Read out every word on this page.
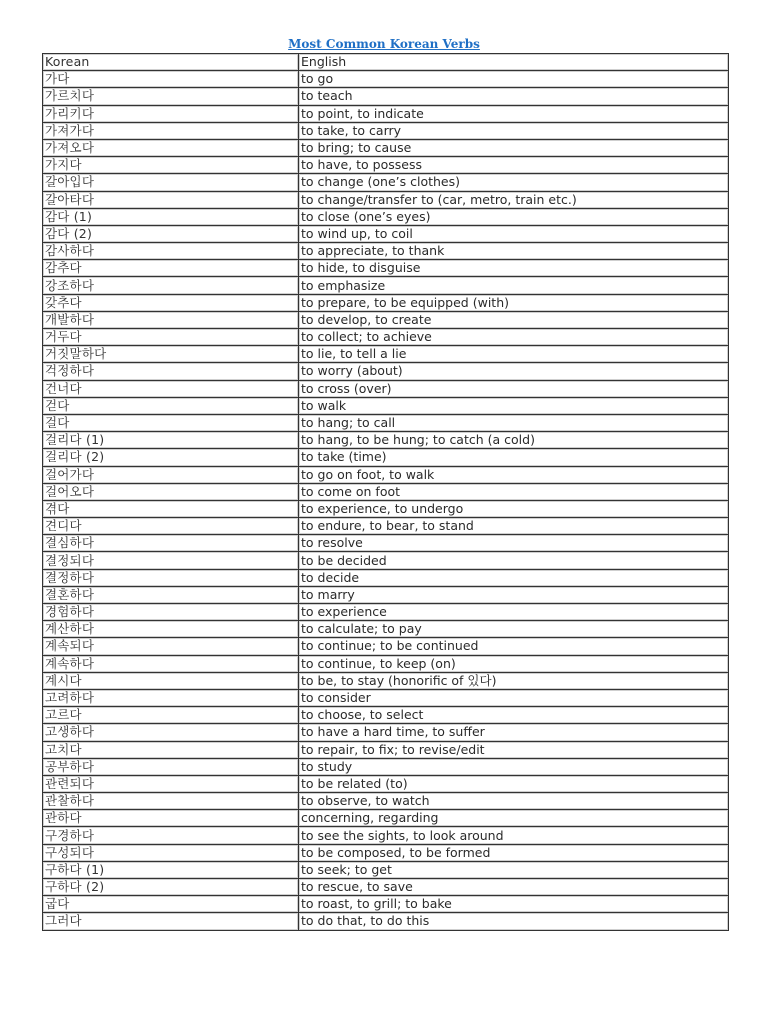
Most Common Korean Verbs
Korean	English
가다	to go
가르치다	to teach
가리키다	to point, to indicate
가져가다	to take, to carry
가져오다	to bring; to cause
가지다	to have, to possess
갈아입다	to change (one’s clothes)
갈아타다	to change/transfer to (car, metro, train etc.)
감다 (1)	to close (one’s eyes)
감다 (2)	to wind up, to coil
감사하다	to appreciate, to thank
감추다	to hide, to disguise
강조하다	to emphasize
갖추다	to prepare, to be equipped (with)
개발하다	to develop, to create
거두다	to collect; to achieve
거짓말하다	to lie, to tell a lie
걱정하다	to worry (about)
건너다	to cross (over)
걷다	to walk
걸다	to hang; to call
걸리다 (1)	to hang, to be hung; to catch (a cold)
걸리다 (2)	to take (time)
걸어가다	to go on foot, to walk
걸어오다	to come on foot
겪다	to experience, to undergo
견디다	to endure, to bear, to stand
결심하다	to resolve
결정되다	to be decided
결정하다	to decide
결혼하다	to marry
경험하다	to experience
계산하다	to calculate; to pay
계속되다	to continue; to be continued
계속하다	to continue, to keep (on)
계시다	to be, to stay (honorific of 있다)
고려하다	to consider
고르다	to choose, to select
고생하다	to have a hard time, to suffer
고치다	to repair, to fix; to revise/edit
공부하다	to study
관련되다	to be related (to)
관찰하다	to observe, to watch
관하다	concerning, regarding
구경하다	to see the sights, to look around
구성되다	to be composed, to be formed
구하다 (1)	to seek; to get
구하다 (2)	to rescue, to save
굽다	to roast, to grill; to bake
그러다	to do that, to do this
